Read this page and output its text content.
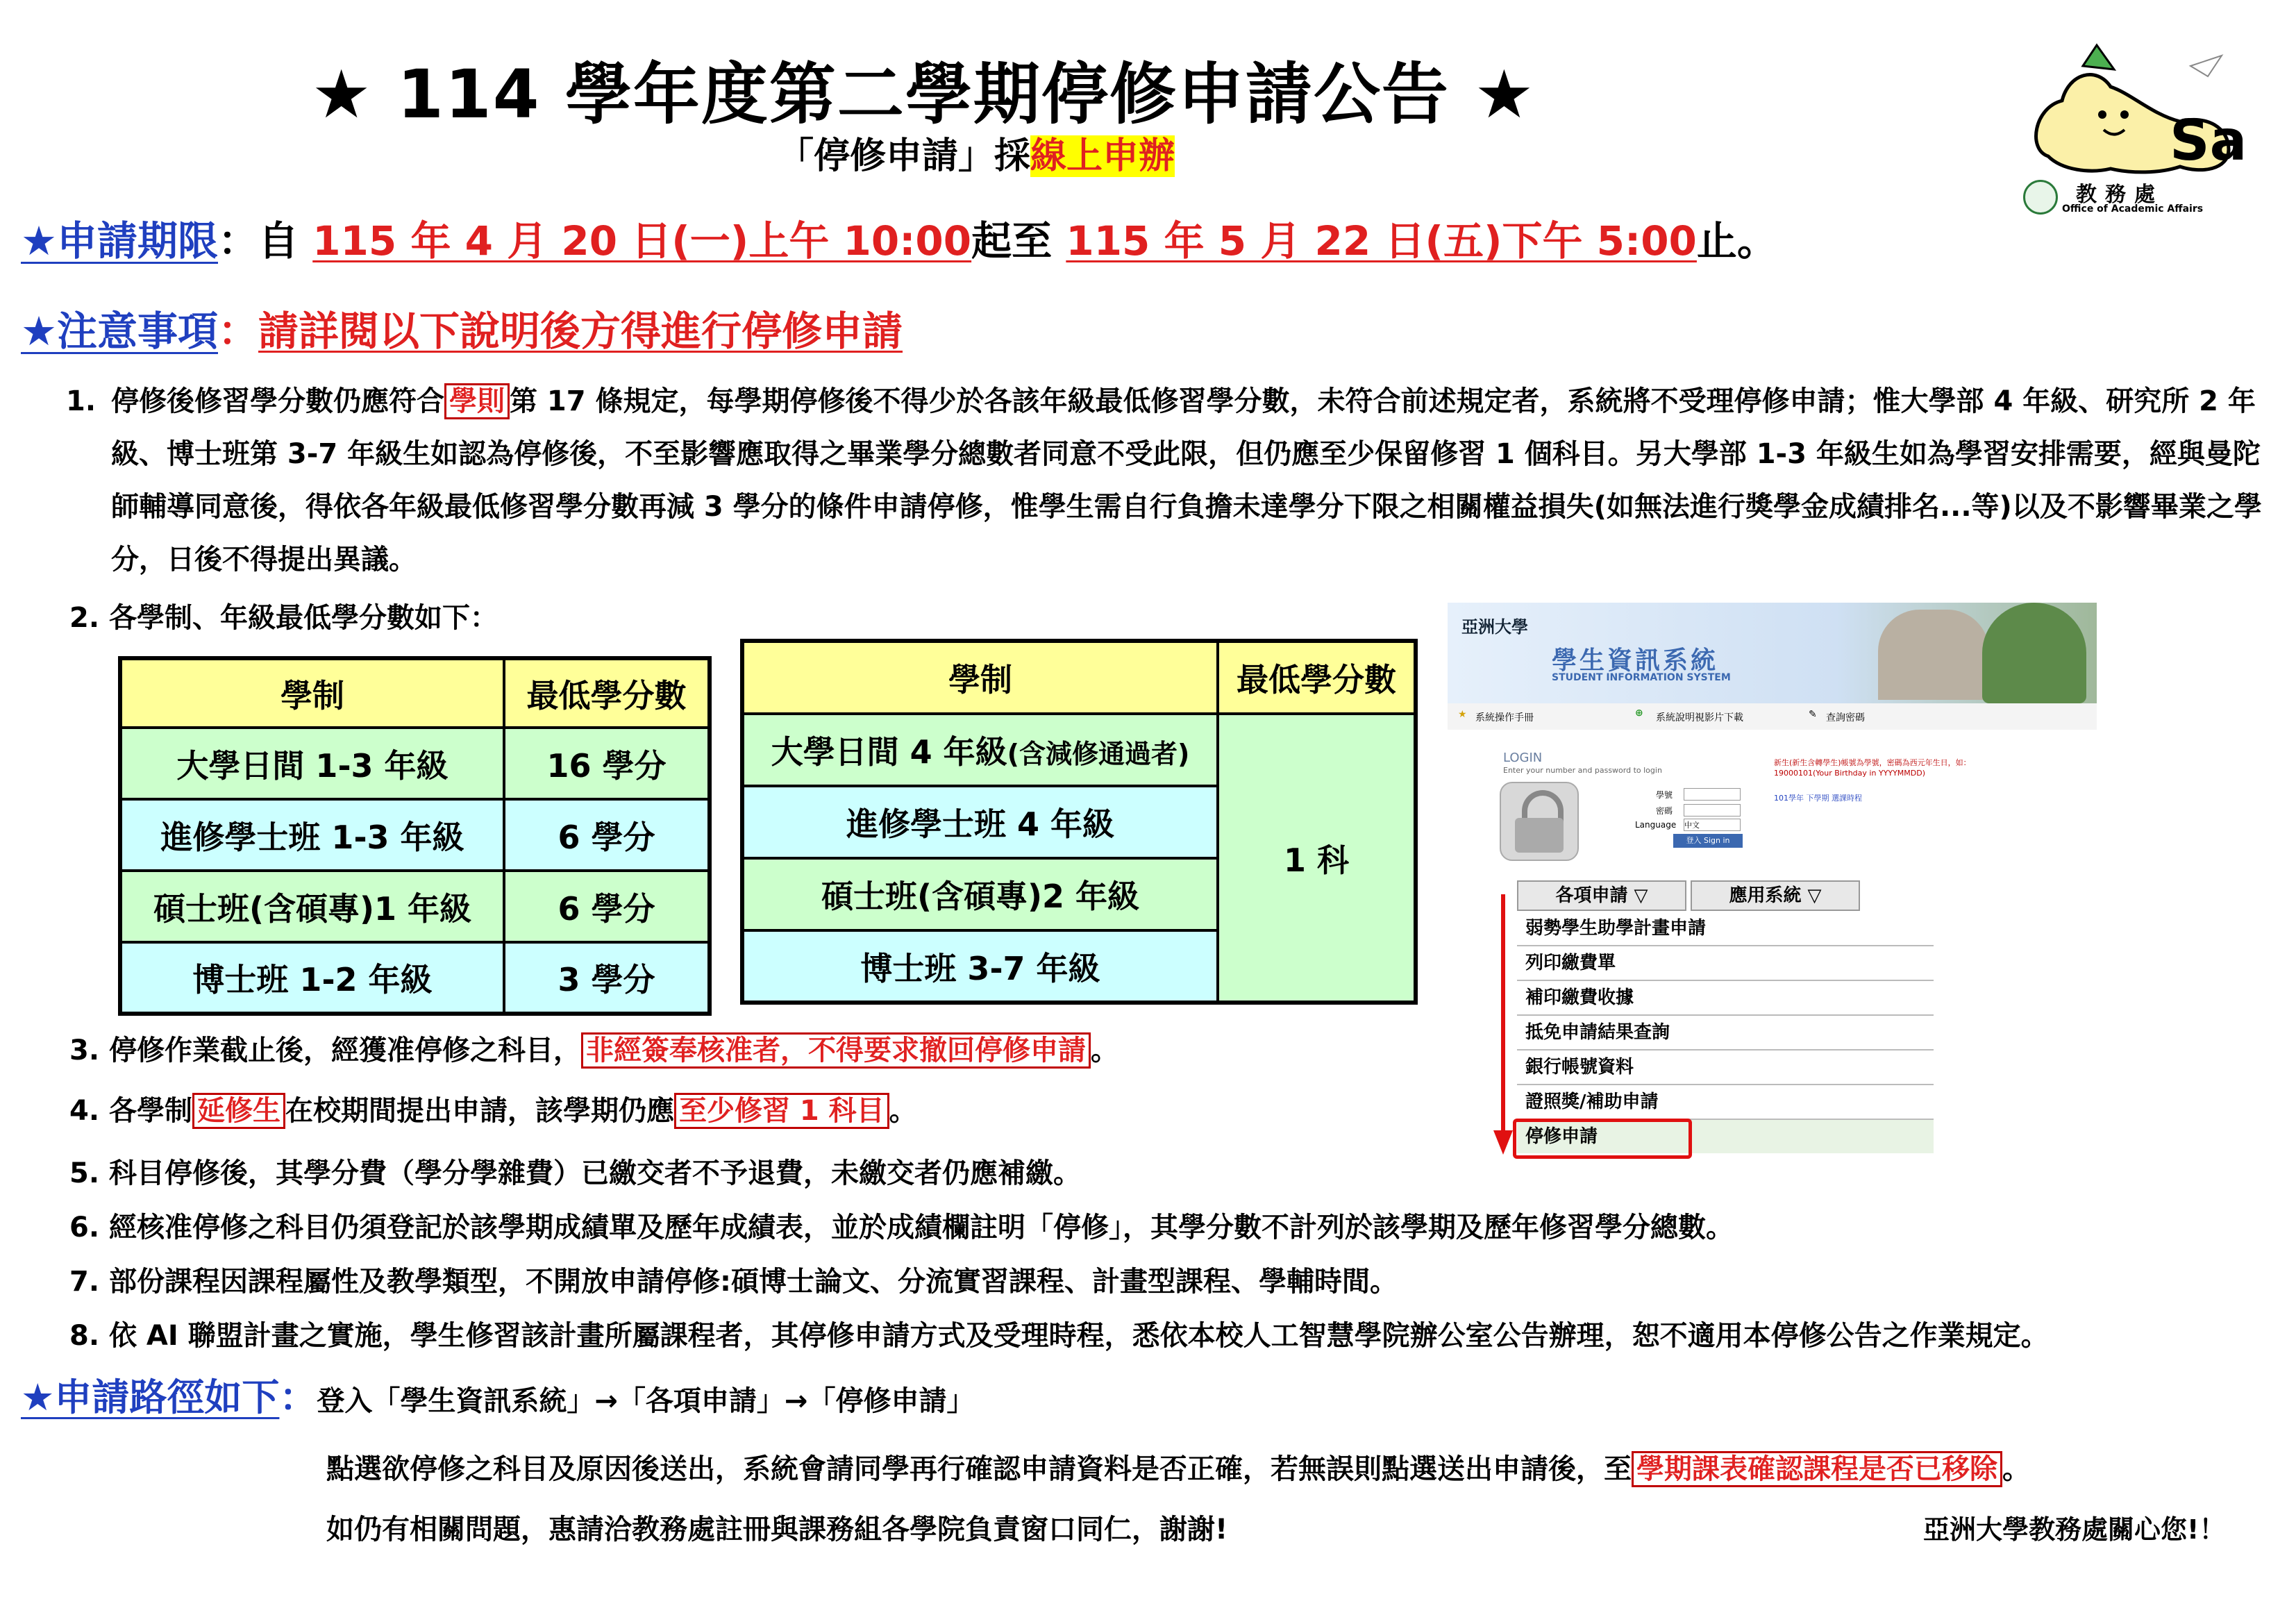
★ 114 學年度第二學期停修申請公告 ★
「停修申請」採線上申辦	Sa
教務處
Office of Academic Affairs
★申請期限：自 115 年 4 月 20 日(一)上午 10:00起至 115 年 5 月 22 日(五)下午 5:00止。
★注意事項：請詳閱以下說明後方得進行停修申請
1. 停修後修習學分數仍應符合 學則 第 17 條規定，每學期停修後不得少於各該年級最低修習學分數，未符合前述規定者，系統將不受理停修申請；惟大學部 4 年級、研究所 2 年級、博士班第 3-7 年級生如認為停修後，不至影響應取得之畢業學分總數者同意不受此限，但仍應至少保留修習 1 個科目。另大學部 1-3 年級生如為學習安排需要，經與曼陀師輔導同意後，得依各年級最低修習學分數再減 3 學分的條件申請停修，惟學生需自行負擔未達學分下限之相關權益損失(如無法進行獎學金成績排名...等)以及不影響畢業之學分，日後不得提出異議。
2. 各學制、年級最低學分數如下：
學制	最低學分數
大學日間 1-3 年級	16 學分
進修學士班 1-3 年級	6 學分
碩士班(含碩專)1 年級	6 學分
博士班 1-2 年級	3 學分
學制	最低學分數
大學日間 4 年級(含減修通過者)	1 科
進修學士班 4 年級	
碩士班(含碩專)2 年級	
博士班 3-7 年級	
亞洲大學
學生資訊系統
STUDENT INFORMATION SYSTEM
★ 系統操作手冊	⊕ 系統說明視影片下載	✎ 查詢密碼
LOGIN
Enter your number and password to login
學號
密碼
Language 中文
登入 Sign in
新生(新生含轉學生)帳號為學號，密碼為西元年生日，如：19000101(Your Birthday in YYYYMMDD)
101學年 下學期 選課時程
各項申請 ▽	應用系統 ▽
弱勢學生助學計畫申請
列印繳費單
補印繳費收據
抵免申請結果查詢
銀行帳號資料
證照獎/補助申請
停修申請
3. 停修作業截止後，經獲准停修之科目， 非經簽奉核准者，不得要求撤回停修申請 。
4. 各學制 延修生 在校期間提出申請，該學期仍應 至少修習 1 科目 。
5. 科目停修後，其學分費（學分學雜費）已繳交者不予退費，未繳交者仍應補繳。
6. 經核准停修之科目仍須登記於該學期成績單及歷年成績表，並於成績欄註明「停修」，其學分數不計列於該學期及歷年修習學分總數。
7. 部份課程因課程屬性及教學類型，不開放申請停修:碩博士論文、分流實習課程、計畫型課程、學輔時間。
8. 依 AI 聯盟計畫之實施，學生修習該計畫所屬課程者，其停修申請方式及受理時程，悉依本校人工智慧學院辦公室公告辦理，恕不適用本停修公告之作業規定。
★申請路徑如下：登入「學生資訊系統」→「各項申請」→「停修申請」
點選欲停修之科目及原因後送出，系統會請同學再行確認申請資料是否正確，若無誤則點選送出申請後，至 學期課表確認課程是否已移除 。
如仍有相關問題，惠請洽教務處註冊與課務組各學院負責窗口同仁，謝謝!	亞洲大學教務處關心您!！
